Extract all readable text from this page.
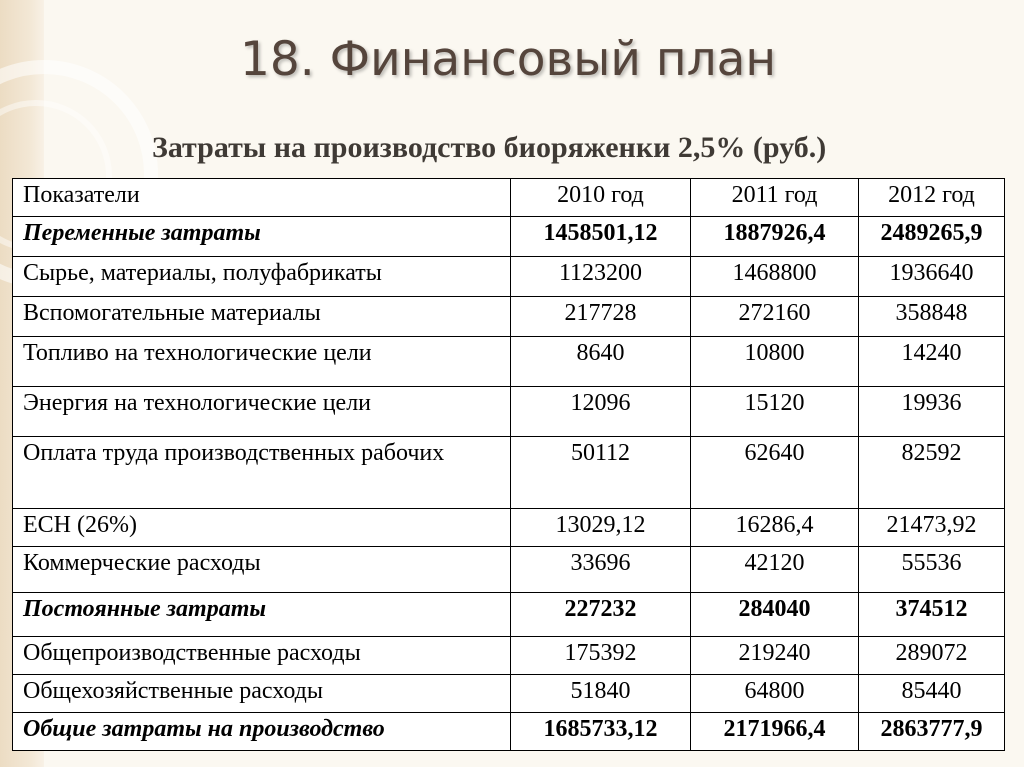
18. Финансовый план
Затраты на производство биоряженки 2,5% (руб.)
Показатели	2010 год	2011 год	2012 год
Переменные затраты	1458501,12	1887926,4	2489265,9
Сырье, материалы, полуфабрикаты	1123200	1468800	1936640
Вспомогательные материалы	217728	272160	358848
Топливо на технологические цели	8640	10800	14240
Энергия на технологические цели	12096	15120	19936
Оплата труда производственных рабочих	50112	62640	82592
ЕСН (26%)	13029,12	16286,4	21473,92
Коммерческие расходы	33696	42120	55536
Постоянные затраты	227232	284040	374512
Общепроизводственные расходы	175392	219240	289072
Общехозяйственные расходы	51840	64800	85440
Общие затраты на производство	1685733,12	2171966,4	2863777,9
